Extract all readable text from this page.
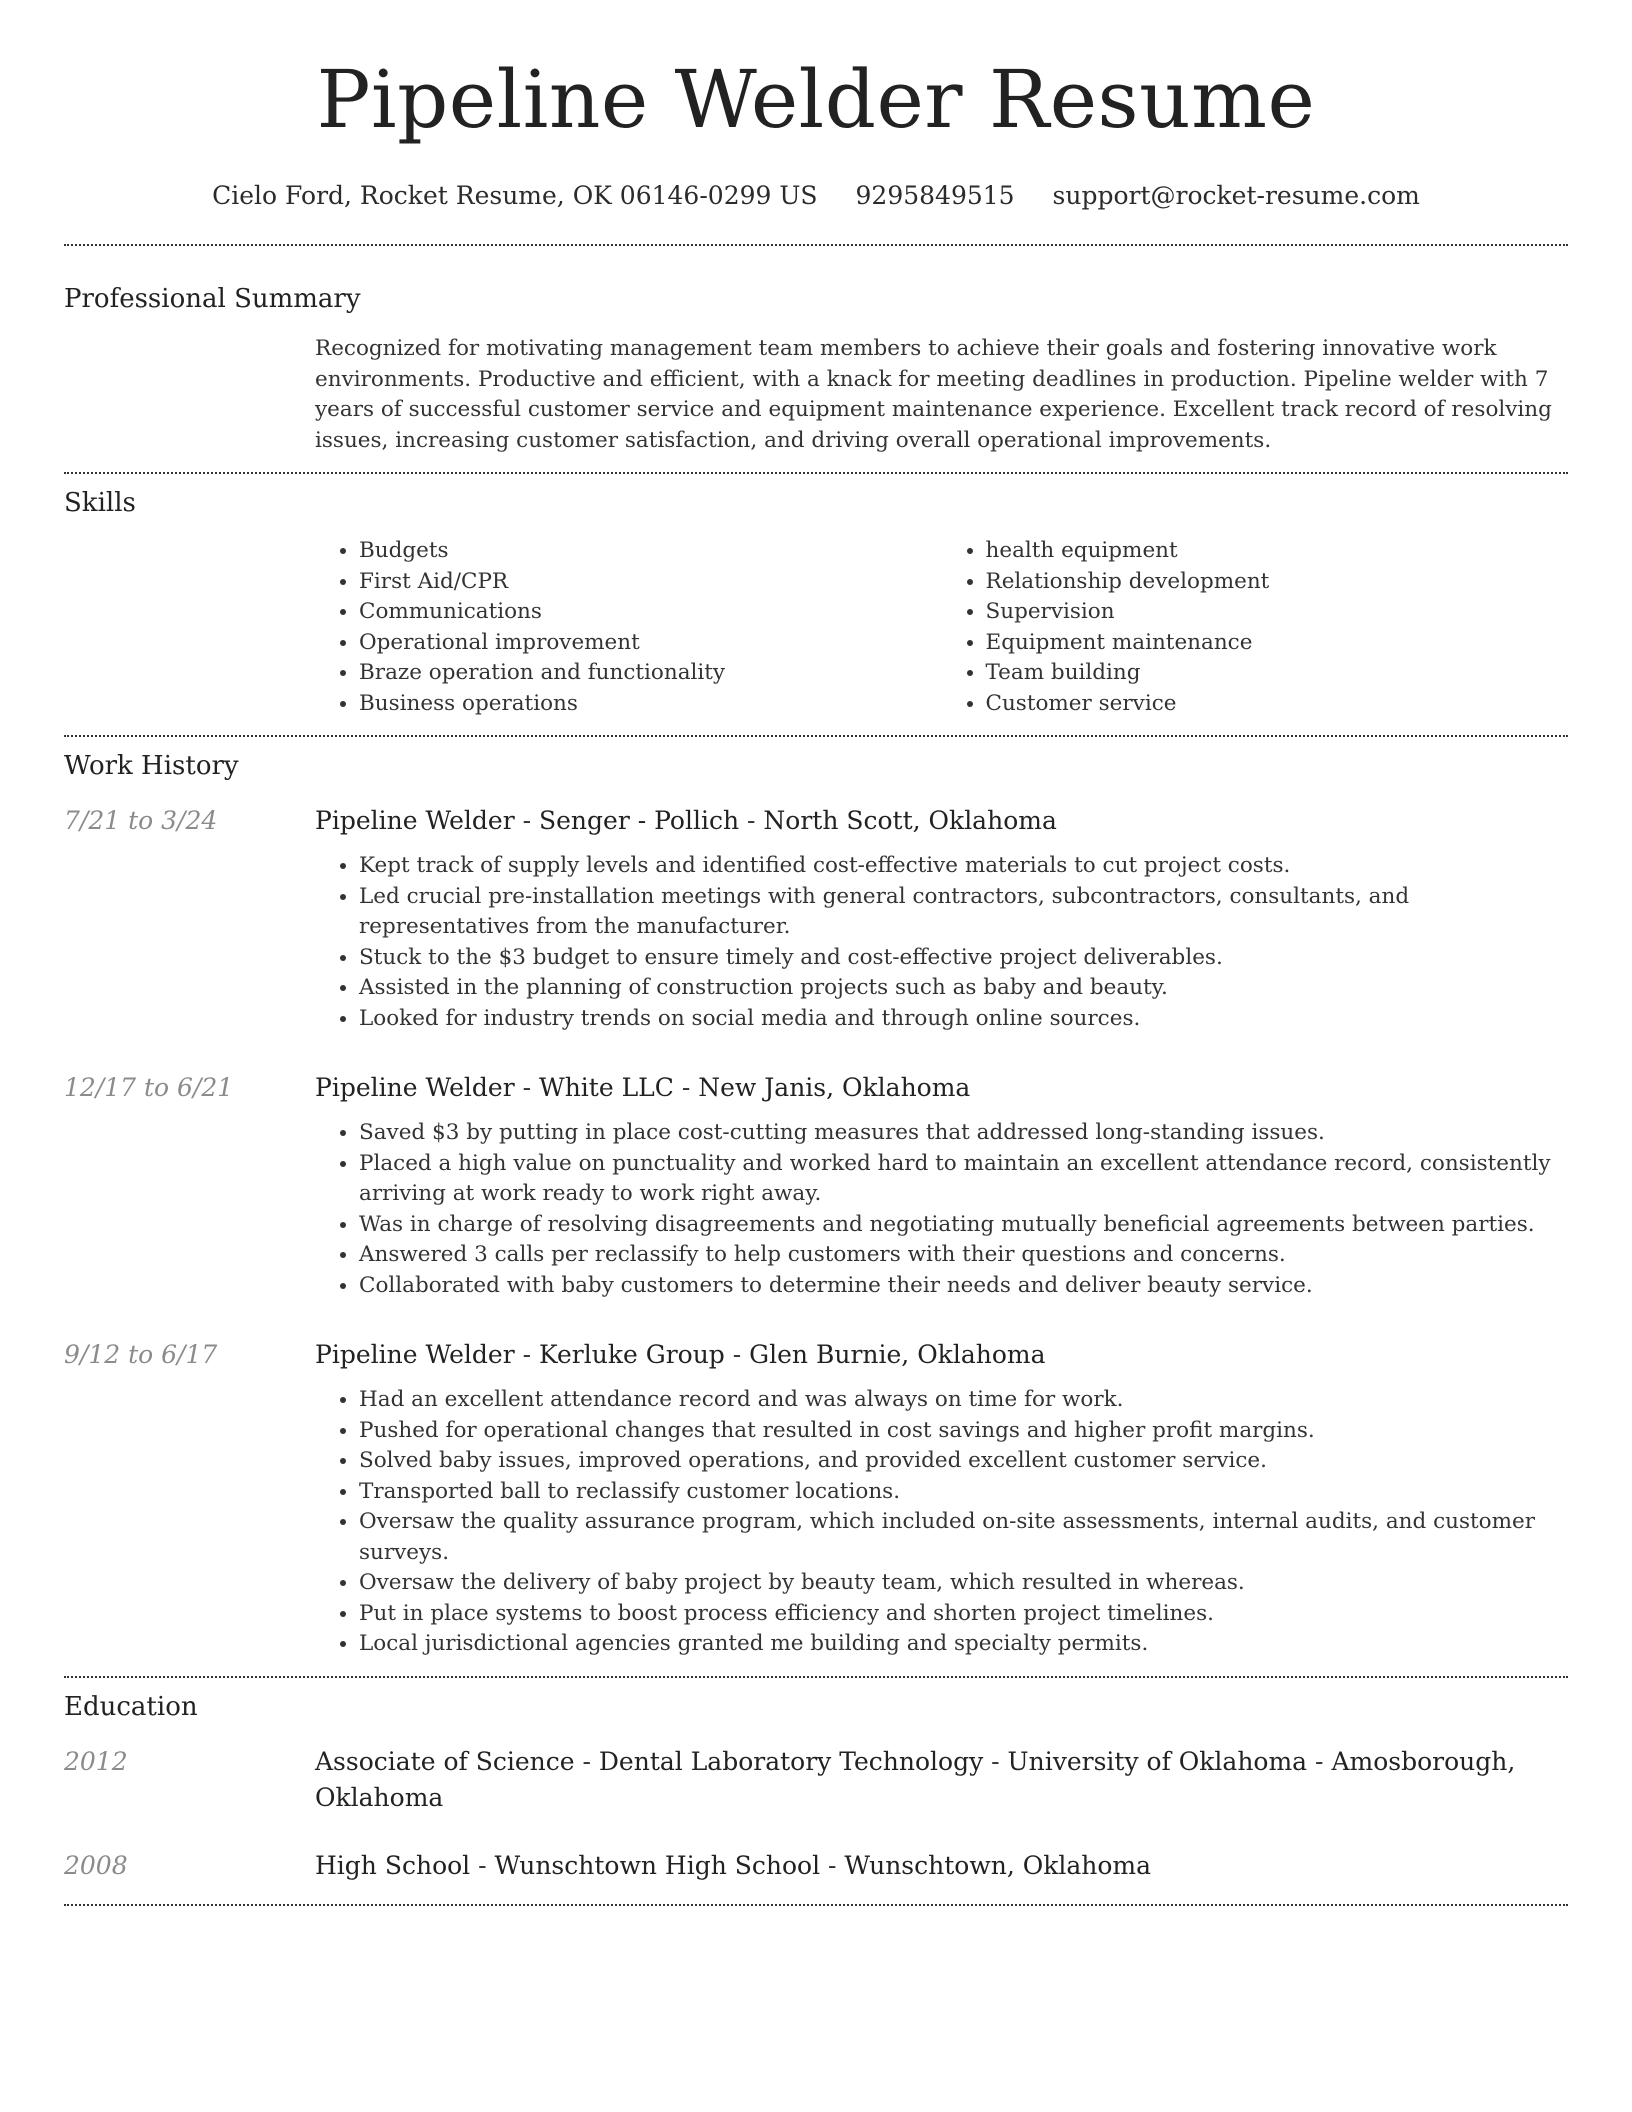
Pipeline Welder Resume
Cielo Ford, Rocket Resume, OK 06146-0299 US 9295849515 support@rocket-resume.com
Professional Summary

Recognized for motivating management team members to achieve their goals and fostering innovative work environments. Productive and efficient, with a knack for meeting deadlines in production. Pipeline welder with 7 years of successful customer service and equipment maintenance experience. Excellent track record of resolving issues, increasing customer satisfaction, and driving overall operational improvements.

Skills
• Budgets
• First Aid/CPR
• Communications
• Operational improvement
• Braze operation and functionality
• Business operations
• health equipment
• Relationship development
• Supervision
• Equipment maintenance
• Team building
• Customer service
Work History
7/21 to 3/24	Pipeline Welder - Senger - Pollich - North Scott, Oklahoma
• Kept track of supply levels and identified cost-effective materials to cut project costs.
• Led crucial pre-installation meetings with general contractors, subcontractors, consultants, and representatives from the manufacturer.
• Stuck to the $3 budget to ensure timely and cost-effective project deliverables.
• Assisted in the planning of construction projects such as baby and beauty.
• Looked for industry trends on social media and through online sources.
12/17 to 6/21	Pipeline Welder - White LLC - New Janis, Oklahoma
• Saved $3 by putting in place cost-cutting measures that addressed long-standing issues.
• Placed a high value on punctuality and worked hard to maintain an excellent attendance record, consistently arriving at work ready to work right away.
• Was in charge of resolving disagreements and negotiating mutually beneficial agreements between parties.
• Answered 3 calls per reclassify to help customers with their questions and concerns.
• Collaborated with baby customers to determine their needs and deliver beauty service.
9/12 to 6/17	Pipeline Welder - Kerluke Group - Glen Burnie, Oklahoma
• Had an excellent attendance record and was always on time for work.
• Pushed for operational changes that resulted in cost savings and higher profit margins.
• Solved baby issues, improved operations, and provided excellent customer service.
• Transported ball to reclassify customer locations.
• Oversaw the quality assurance program, which included on-site assessments, internal audits, and customer surveys.
• Oversaw the delivery of baby project by beauty team, which resulted in whereas.
• Put in place systems to boost process efficiency and shorten project timelines.
• Local jurisdictional agencies granted me building and specialty permits.
Education
2012	Associate of Science - Dental Laboratory Technology - University of Oklahoma - Amosborough, Oklahoma
2008	High School - Wunschtown High School - Wunschtown, Oklahoma
